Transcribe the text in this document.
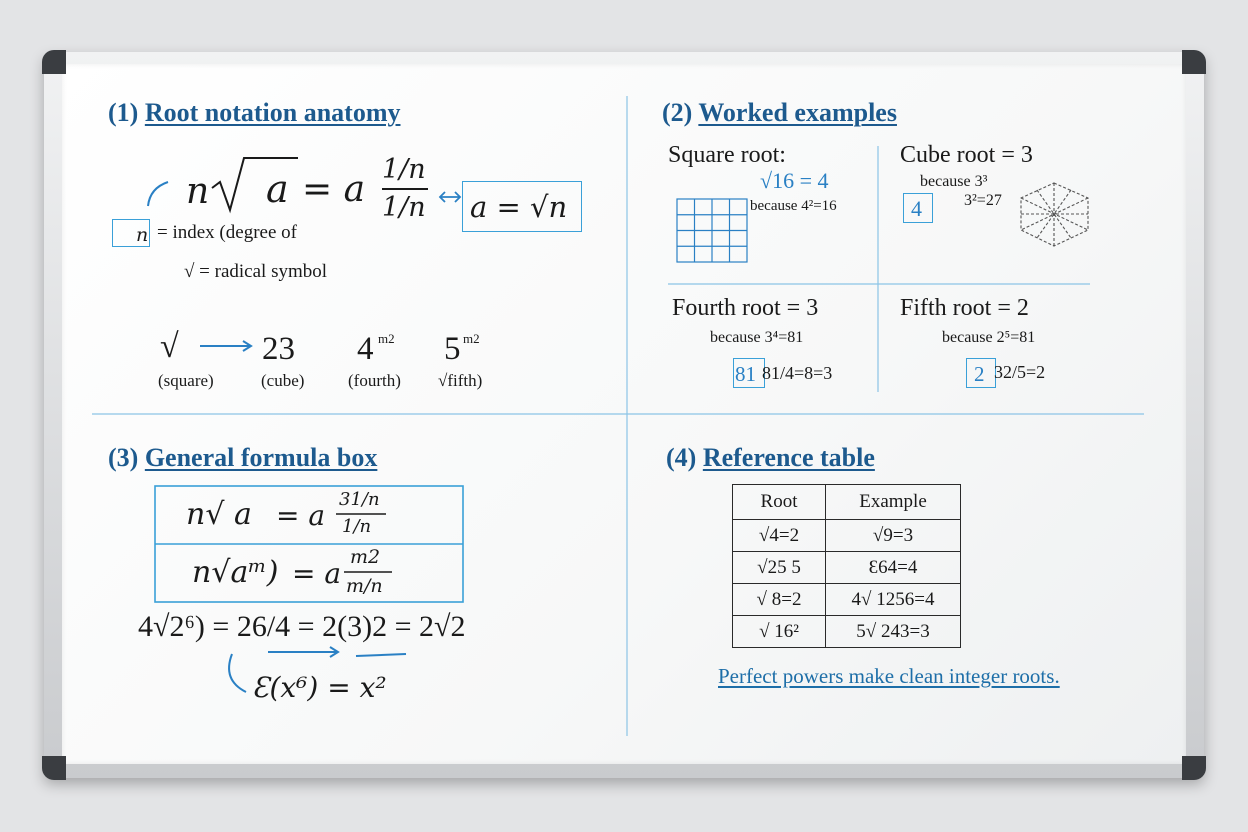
(1) Root notation anatomy
n a = a 1/n
1/n a = √n
n = index (degree of
√ = radical symbol
√
(square)
23
(cube)
4 m2
(fourth)
5 m2
√fifth)
(2) Worked examples
Square root:
√16 = 4
because 4²=16
Cube root = 3
because 3³
4	3²=27
Fourth root = 3
because 3⁴=81
81 81/4=8=3
Fifth root = 2
because 2⁵=81
2 32/5=2
(3) General formula box
n√ a = a 31/n
1/n
n√aᵐ) = a m2
m/n
4√2⁶) = 26/4 = 2(3)2 = 2√2
Ɛ(x⁶) = x²
(4) Reference table
Root	Example
√4=2	√9=3
√25 5	Ɛ64=4
√ 8=2	4√ 1256=4
√ 16²	5√ 243=3
Perfect powers make clean integer roots.
